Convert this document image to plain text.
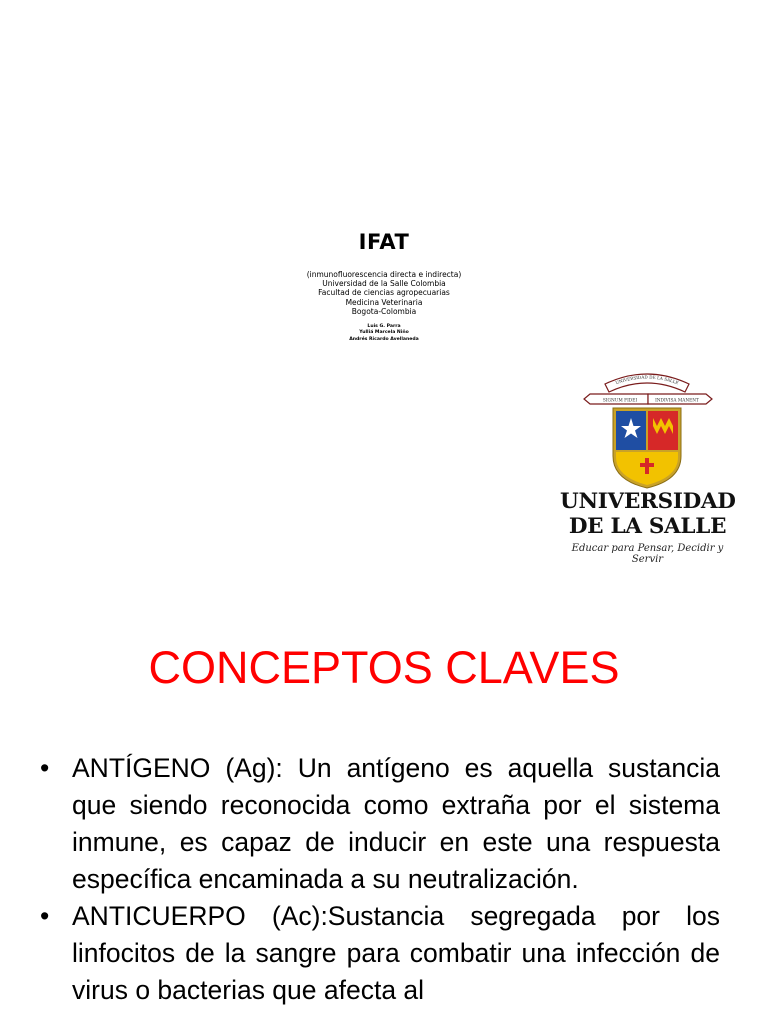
IFAT
(inmunofluorescencia directa e indirecta)
Universidad de la Salle Colombia
Facultad de ciencias agropecuarias
Medicina Veterinaria
Bogota-Colombia
Luis G. Parra
Yulliá Marcela Niño
Andrés Ricardo Avellaneda
UNIVERSIDAD DE LA SALLE
SIGNUM FIDEI	INDIVISA MANENT
UNIVERSIDAD
DE LA SALLE
Educar para Pensar, Decidir y Servir
CONCEPTOS CLAVES
• ANTÍGENO (Ag): Un antígeno es aquella sustancia que siendo reconocida como extraña por el sistema inmune, es capaz de inducir en este una respuesta específica encaminada a su neutralización.
• ANTICUERPO (Ac):Sustancia segregada por los linfocitos de la sangre para combatir una infección de virus o bacterias que afecta al
